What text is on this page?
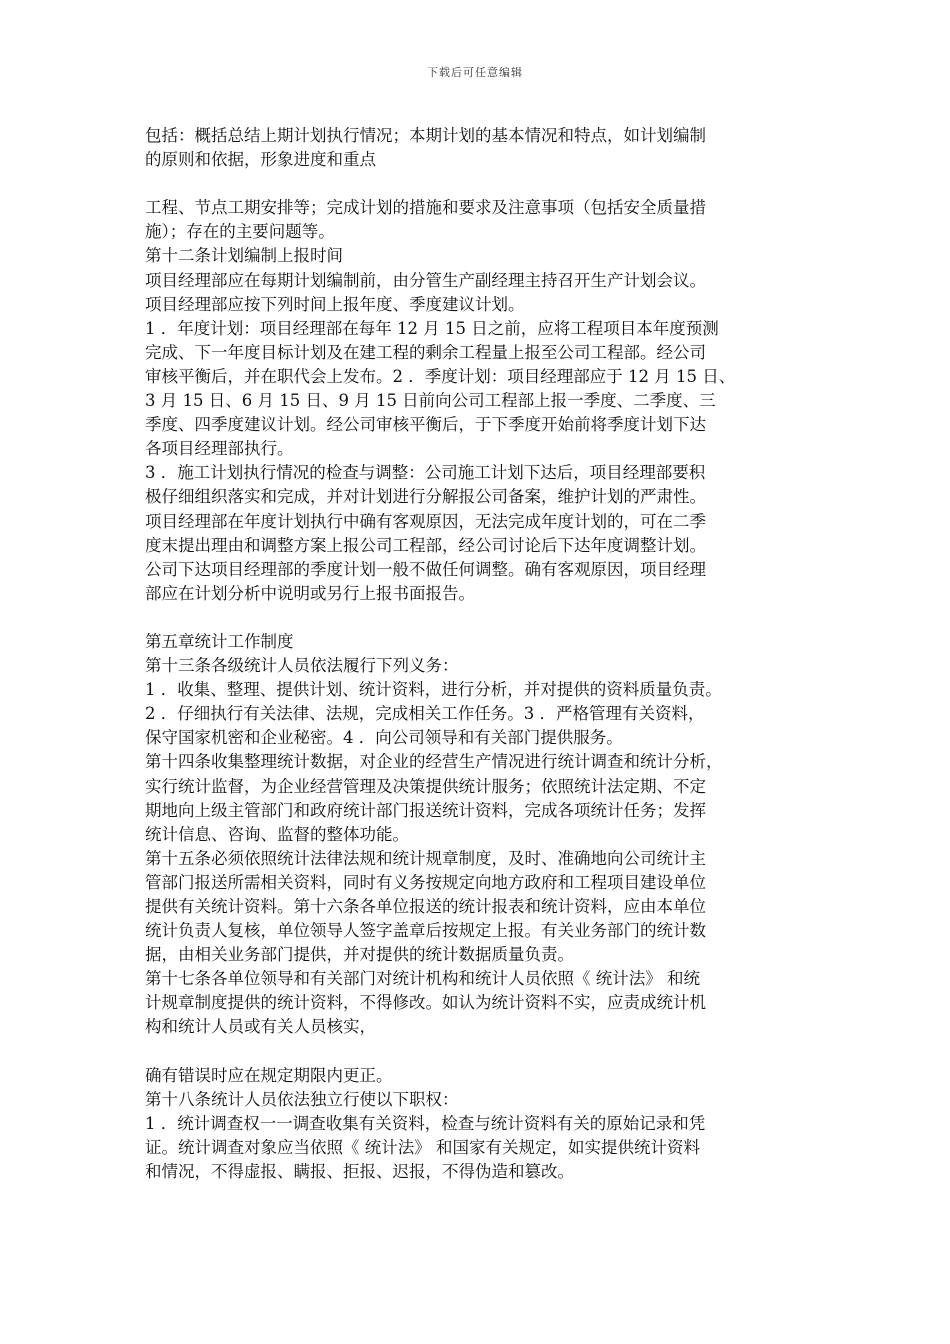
下载后可任意编辑
包括：概括总结上期计划执行情况；本期计划的基本情况和特点，如计划编制
的原则和依据，形象进度和重点
工程、节点工期安排等；完成计划的措施和要求及注意事项（包括安全质量措
施）；存在的主要问题等。
第十二条计划编制上报时间
项目经理部应在每期计划编制前，由分管生产副经理主持召开生产计划会议。
项目经理部应按下列时间上报年度、季度建议计划。
1 ．年度计划：项目经理部在每年 12 月 15 日之前，应将工程项目本年度预测
完成、下一年度目标计划及在建工程的剩余工程量上报至公司工程部。经公司
审核平衡后，并在职代会上发布。2 ．季度计划：项目经理部应于 12 月 15 日、
3 月 15 日、6 月 15 日、9 月 15 日前向公司工程部上报一季度、二季度、三
季度、四季度建议计划。经公司审核平衡后，于下季度开始前将季度计划下达
各项目经理部执行。
3 ．施工计划执行情况的检查与调整：公司施工计划下达后，项目经理部要积
极仔细组织落实和完成，并对计划进行分解报公司备案，维护计划的严肃性。
项目经理部在年度计划执行中确有客观原因，无法完成年度计划的，可在二季
度末提出理由和调整方案上报公司工程部，经公司讨论后下达年度调整计划。
公司下达项目经理部的季度计划一般不做任何调整。确有客观原因，项目经理
部应在计划分析中说明或另行上报书面报告。
第五章统计工作制度
第十三条各级统计人员依法履行下列义务：
1 ．收集、整理、提供计划、统计资料，进行分析，并对提供的资料质量负责。
2 ．仔细执行有关法律、法规，完成相关工作任务。3 ．严格管理有关资料，
保守国家机密和企业秘密。4 ．向公司领导和有关部门提供服务。
第十四条收集整理统计数据，对企业的经营生产情况进行统计调查和统计分析，
实行统计监督，为企业经营管理及决策提供统计服务；依照统计法定期、不定
期地向上级主管部门和政府统计部门报送统计资料，完成各项统计任务；发挥
统计信息、咨询、监督的整体功能。
第十五条必须依照统计法律法规和统计规章制度，及时、准确地向公司统计主
管部门报送所需相关资料，同时有义务按规定向地方政府和工程项目建设单位
提供有关统计资料。第十六条各单位报送的统计报表和统计资料，应由本单位
统计负责人复核，单位领导人签字盖章后按规定上报。有关业务部门的统计数
据，由相关业务部门提供，并对提供的统计数据质量负责。
第十七条各单位领导和有关部门对统计机构和统计人员依照《 统计法》 和统
计规章制度提供的统计资料，不得修改。如认为统计资料不实，应责成统计机
构和统计人员或有关人员核实，
确有错误时应在规定期限内更正。
第十八条统计人员依法独立行使以下职权：
1 ．统计调查权一一调查收集有关资料，检查与统计资料有关的原始记录和凭
证。统计调查对象应当依照《 统计法》 和国家有关规定，如实提供统计资料
和情况，不得虚报、瞒报、拒报、迟报，不得伪造和篡改。
